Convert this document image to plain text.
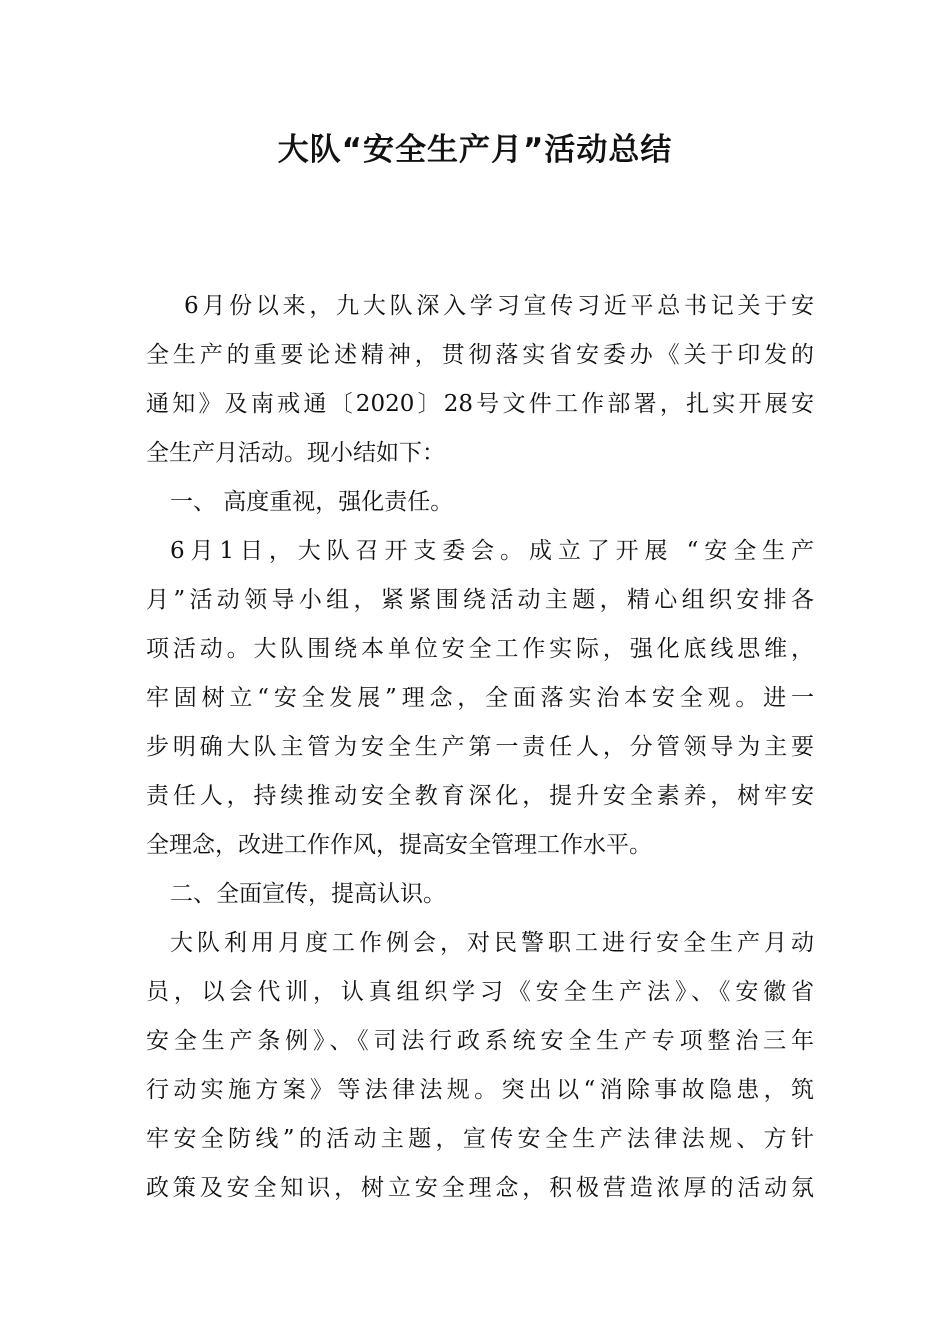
大队“安全生产月”活动总结
6月份以来，九大队深入学习宣传习近平总书记关于安
全生产的重要论述精神，贯彻落实省安委办《关于印发的
通知》及南戒通〔2020〕28号文件工作部署，扎实开展安
全生产月活动。现小结如下：
一、 高度重视，强化责任。
6月1日，大队召开支委会。成立了开展 “安全生产
月”活动领导小组，紧紧围绕活动主题，精心组织安排各
项活动。大队围绕本单位安全工作实际，强化底线思维，
牢固树立“安全发展”理念，全面落实治本安全观。进一
步明确大队主管为安全生产第一责任人，分管领导为主要
责任人，持续推动安全教育深化，提升安全素养，树牢安
全理念，改进工作作风，提高安全管理工作水平。
二、全面宣传，提高认识。
大队利用月度工作例会，对民警职工进行安全生产月动
员，以会代训，认真组织学习《安全生产法》、《安徽省
安全生产条例》、《司法行政系统安全生产专项整治三年
行动实施方案》等法律法规。突出以“消除事故隐患，筑
牢安全防线”的活动主题，宣传安全生产法律法规、方针
政策及安全知识，树立安全理念，积极营造浓厚的活动氛
